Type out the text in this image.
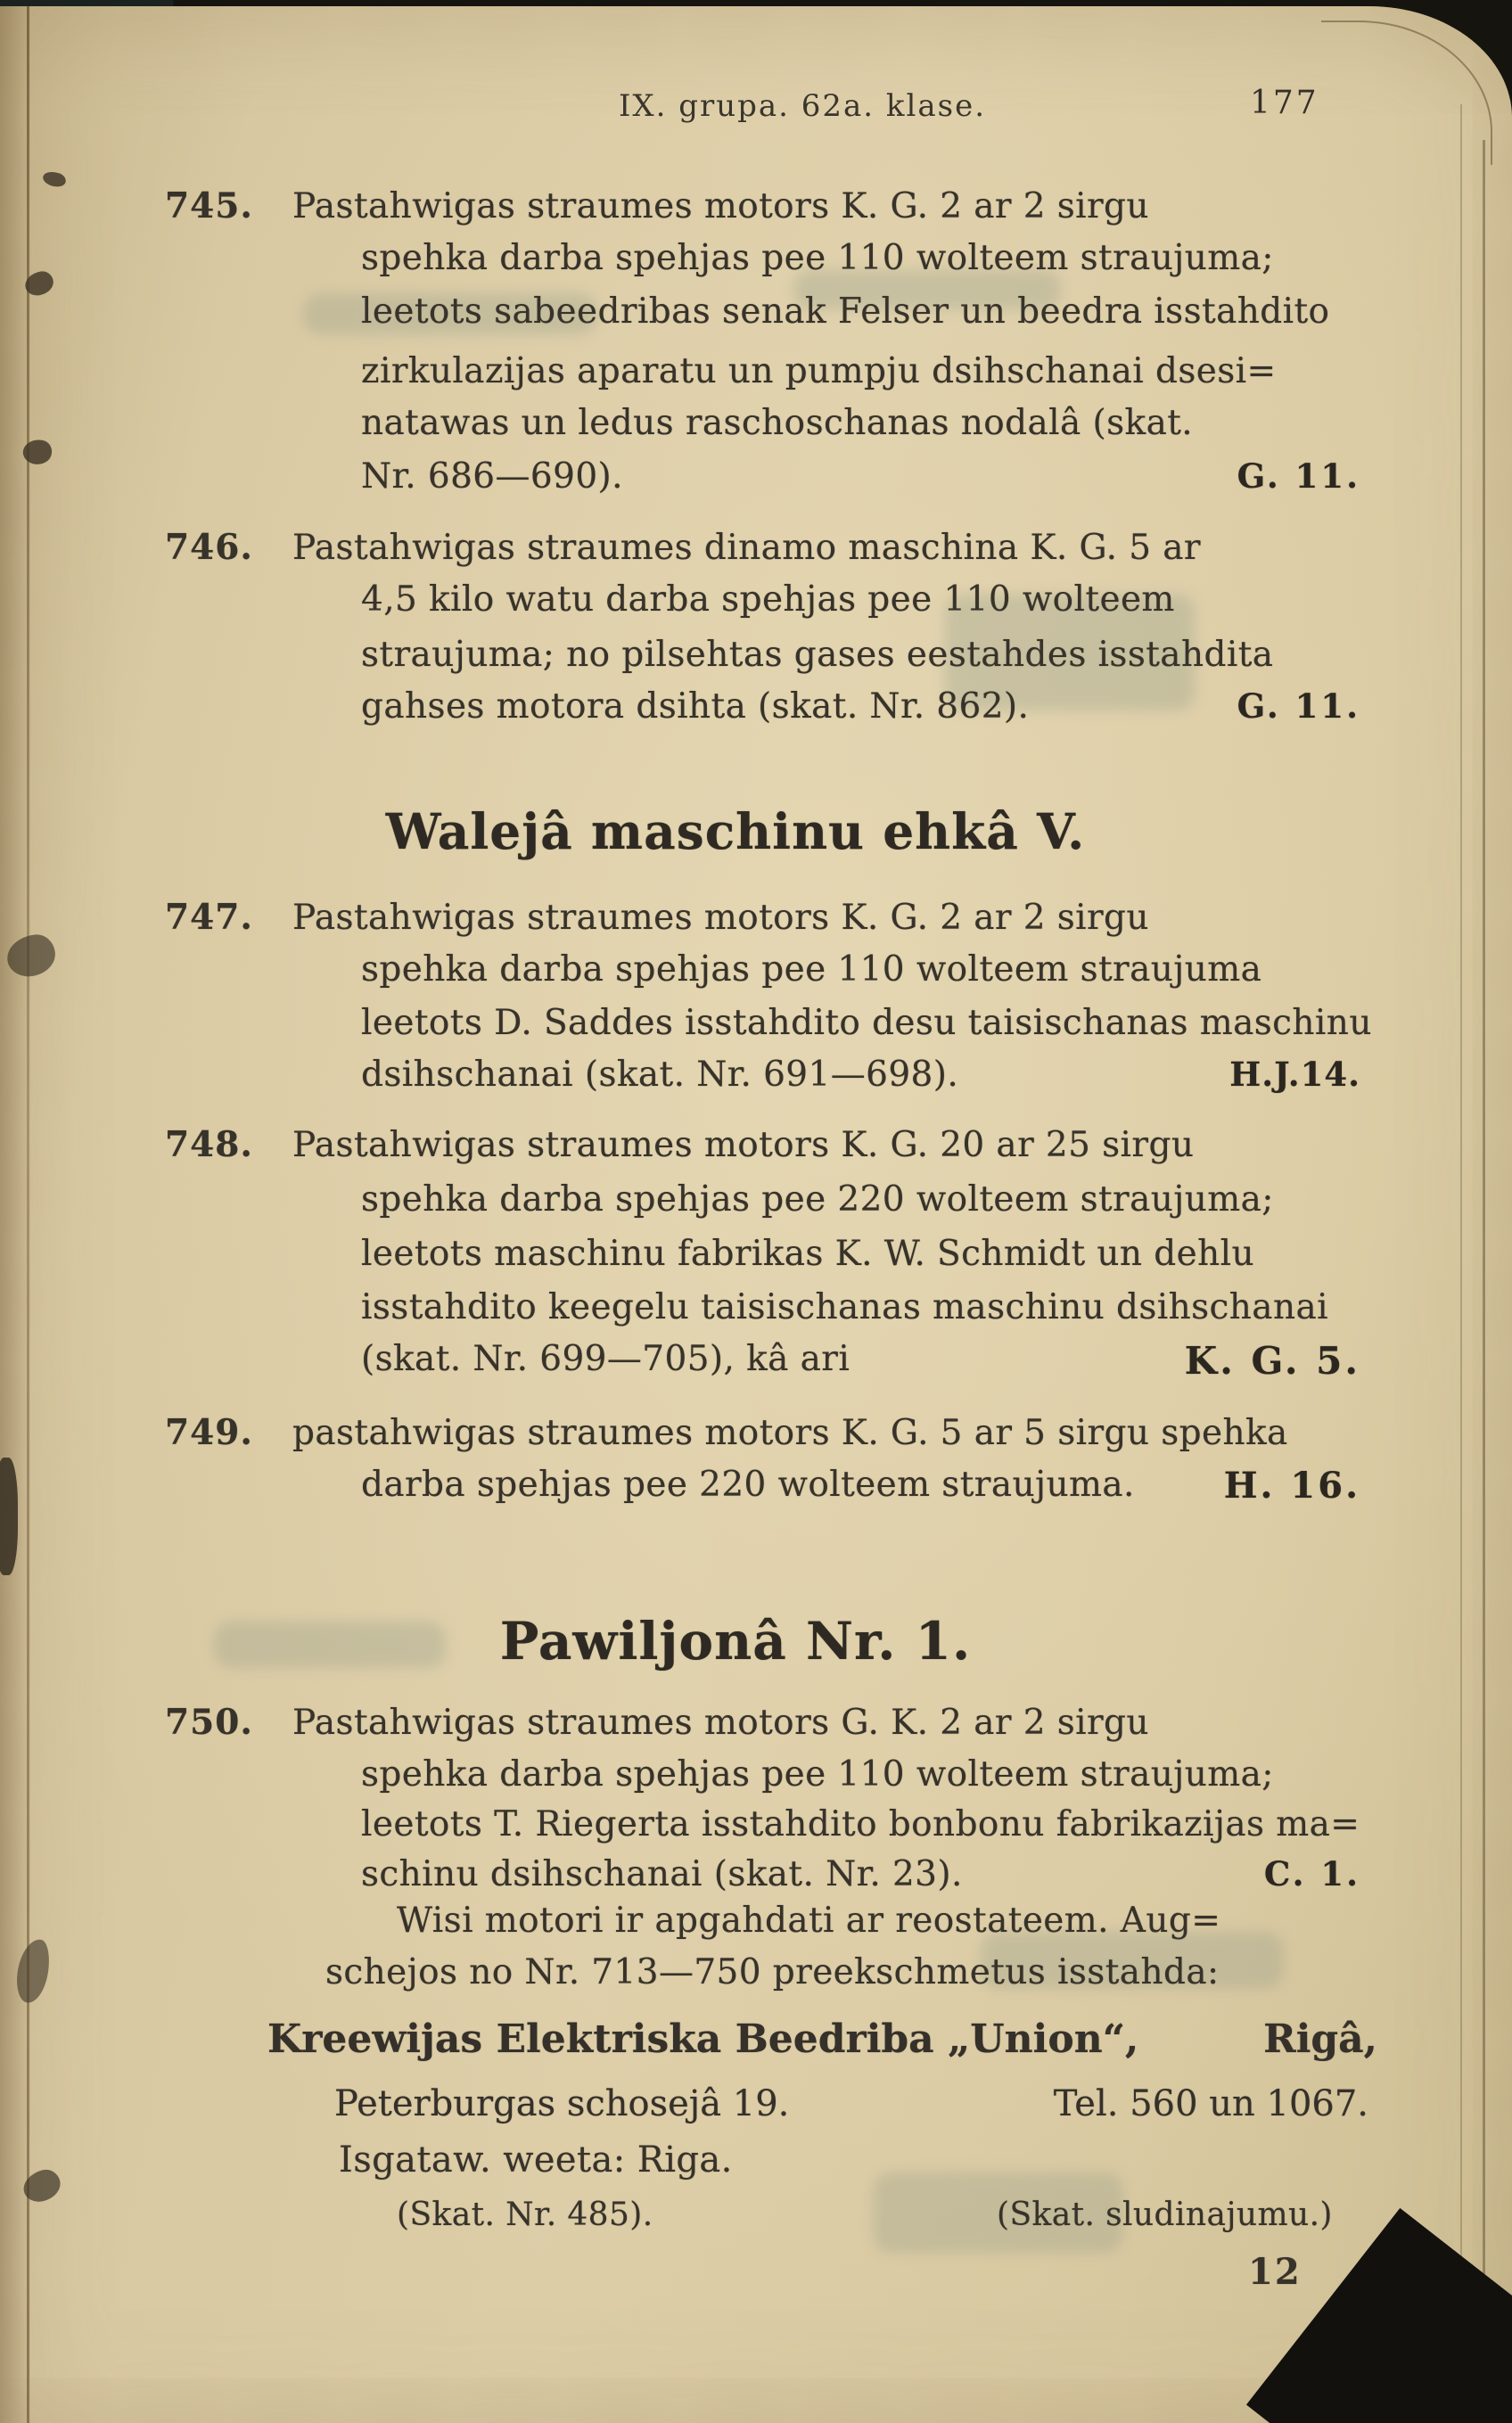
IX. grupa. 62a. klase.	177
745. Pastahwigas straumes motors K. G. 2 ar 2 sirgu
spehka darba spehjas pee 110 wolteem straujuma;
leetots sabeedribas senak Felser un beedra isstahdito
zirkulazijas aparatu un pumpju dsihschanai dsesi=
natawas un ledus raschoschanas nodalâ (skat.
Nr. 686—690).	G. 11.
746. Pastahwigas straumes dinamo maschina K. G. 5 ar
4,5 kilo watu darba spehjas pee 110 wolteem
straujuma; no pilsehtas gases eestahdes isstahdita
gahses motora dsihta (skat. Nr. 862).	G. 11.
Walejâ maschinu ehkâ V.
747. Pastahwigas straumes motors K. G. 2 ar 2 sirgu
spehka darba spehjas pee 110 wolteem straujuma
leetots D. Saddes isstahdito desu taisischanas maschinu
dsihschanai (skat. Nr. 691—698).	H.J.14.
748. Pastahwigas straumes motors K. G. 20 ar 25 sirgu
spehka darba spehjas pee 220 wolteem straujuma;
leetots maschinu fabrikas K. W. Schmidt un dehlu
isstahdito keegelu taisischanas maschinu dsihschanai
(skat. Nr. 699—705), kâ ari	K. G. 5.
749. pastahwigas straumes motors K. G. 5 ar 5 sirgu spehka
darba spehjas pee 220 wolteem straujuma. H. 16.
Pawiljonâ Nr. 1.
750. Pastahwigas straumes motors G. K. 2 ar 2 sirgu
spehka darba spehjas pee 110 wolteem straujuma;
leetots T. Riegerta isstahdito bonbonu fabrikazijas ma=
schinu dsihschanai (skat. Nr. 23).	C. 1.
Wisi motori ir apgahdati ar reostateem. Aug=
schejos no Nr. 713—750 preekschmetus isstahda:
Kreewijas Elektriska Beedriba „Union“,	Rigâ,
Peterburgas schosejâ 19.	Tel. 560 un 1067.
Isgataw. weeta: Riga.
(Skat. Nr. 485).	(Skat. sludinajumu.)
12
